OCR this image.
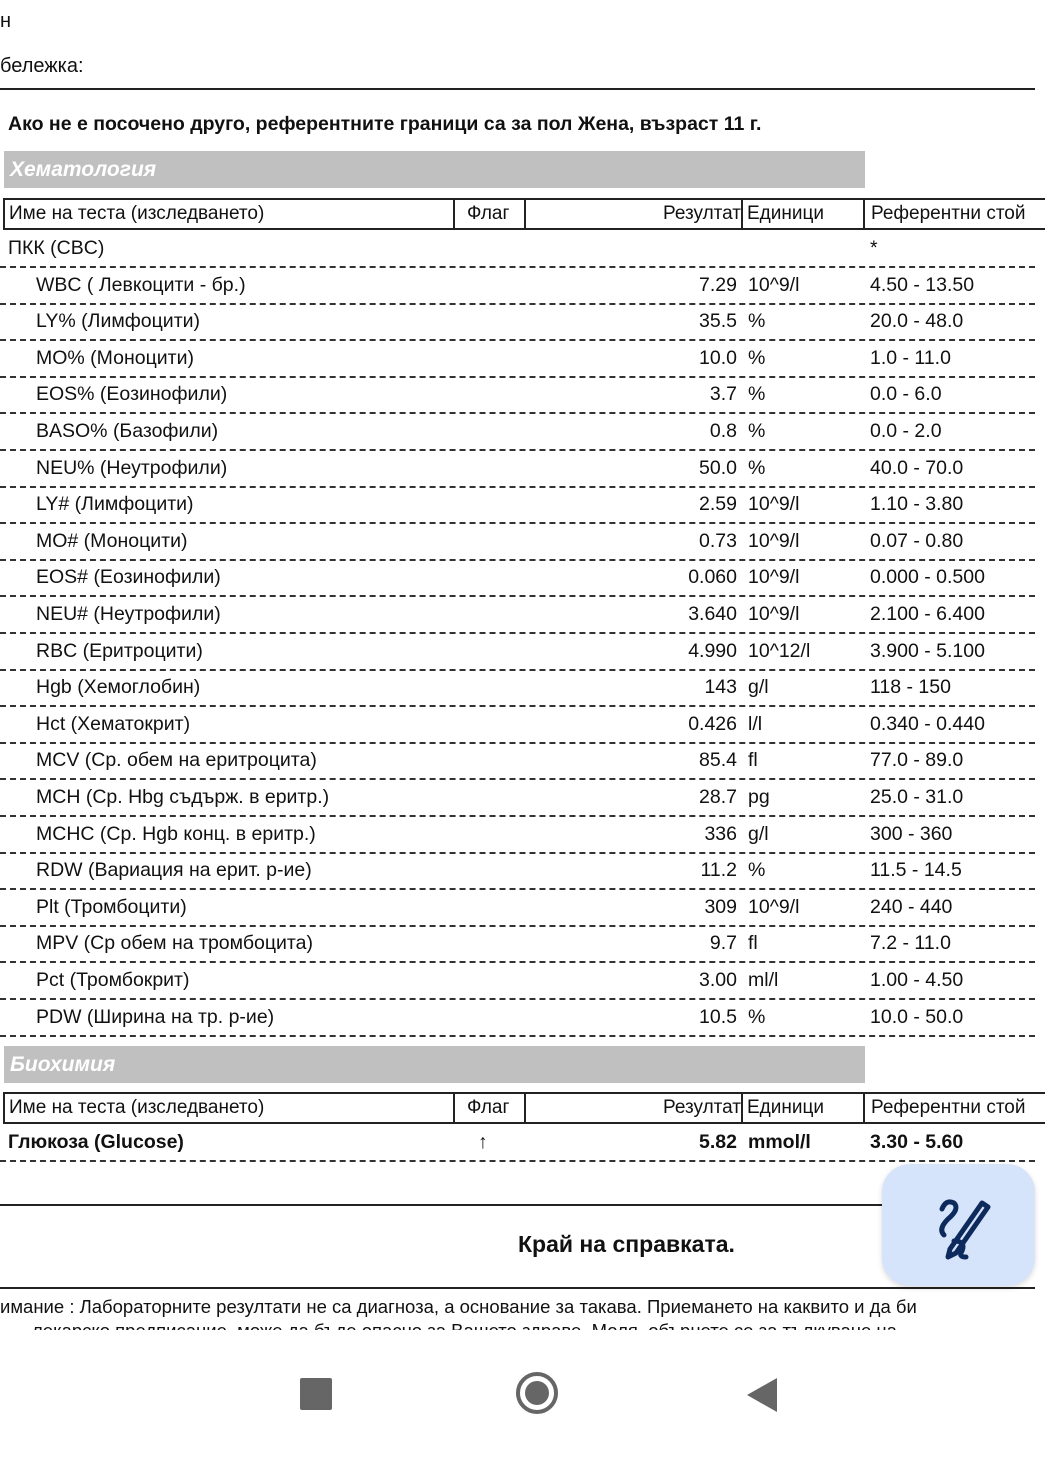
н
бележка:
Ако не е посочено друго, референтните граници са за пол Жена, възраст 11 г.
Хематология
Име на теста (изследването)	Флаг	Резултат Единици	Референтни стой
ПКК (CBC)	*
WBC ( Левкоцити - бр.)	7.29 10^9/l	4.50 - 13.50
LY% (Лимфоцити)	35.5 %	20.0 - 48.0
MO% (Моноцити)	10.0 %	1.0 - 11.0
EOS% (Еозинофили)	3.7 %	0.0 - 6.0
BASO% (Базофили)	0.8 %	0.0 - 2.0
NEU% (Неутрофили)	50.0 %	40.0 - 70.0
LY# (Лимфоцити)	2.59 10^9/l	1.10 - 3.80
MO# (Моноцити)	0.73 10^9/l	0.07 - 0.80
EOS# (Еозинофили)	0.060 10^9/l	0.000 - 0.500
NEU# (Неутрофили)	3.640 10^9/l	2.100 - 6.400
RBC (Еритроцити)	4.990 10^12/l	3.900 - 5.100
Hgb (Хемоглобин)	143 g/l	118 - 150
Hct (Хематокрит)	0.426 l/l	0.340 - 0.440
MCV (Ср. обем на еритроцита)	85.4 fl	77.0 - 89.0
MCH (Ср. Hbg съдърж. в еритр.)	28.7 pg	25.0 - 31.0
MCHC (Ср. Hgb конц. в еритр.)	336 g/l	300 - 360
RDW (Вариация на ерит. р-ие)	11.2 %	11.5 - 14.5
Plt (Тромбоцити)	309 10^9/l	240 - 440
MPV (Ср обем на тромбоцита)	9.7 fl	7.2 - 11.0
Pct (Тромбокрит)	3.00 ml/l	1.00 - 4.50
PDW (Ширина на тр. р-ие)	10.5 %	10.0 - 50.0
Биохимия
Име на теста (изследването)	Флаг	Резултат Единици	Референтни стой
Глюкоза (Glucose)	↑	5.82 mmol/l	3.30 - 5.60
Край на справката.
имание : Лабораторните резултати не са диагноза, а основание за такава. Приемането на каквито и да би
